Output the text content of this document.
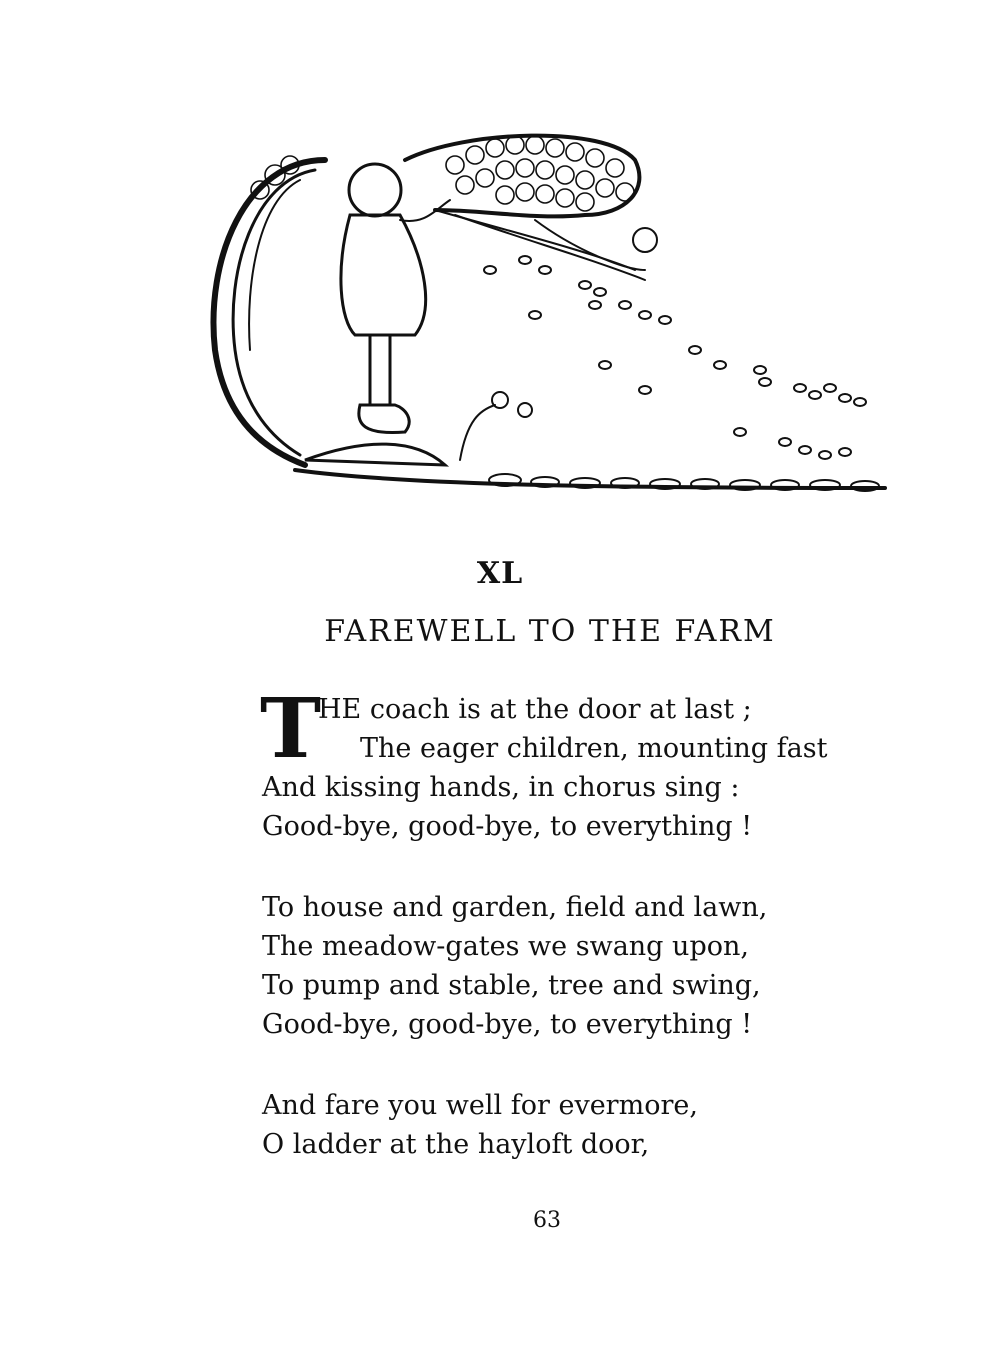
XL
FAREWELL TO THE FARM
T
HE coach is at the door at last ;
The eager children, mounting fast
And kissing hands, in chorus sing :
Good-bye, good-bye, to everything !
To house and garden, field and lawn,
The meadow-gates we swang upon,
To pump and stable, tree and swing,
Good-bye, good-bye, to everything !
And fare you well for evermore,
O ladder at the hayloft door,
63
